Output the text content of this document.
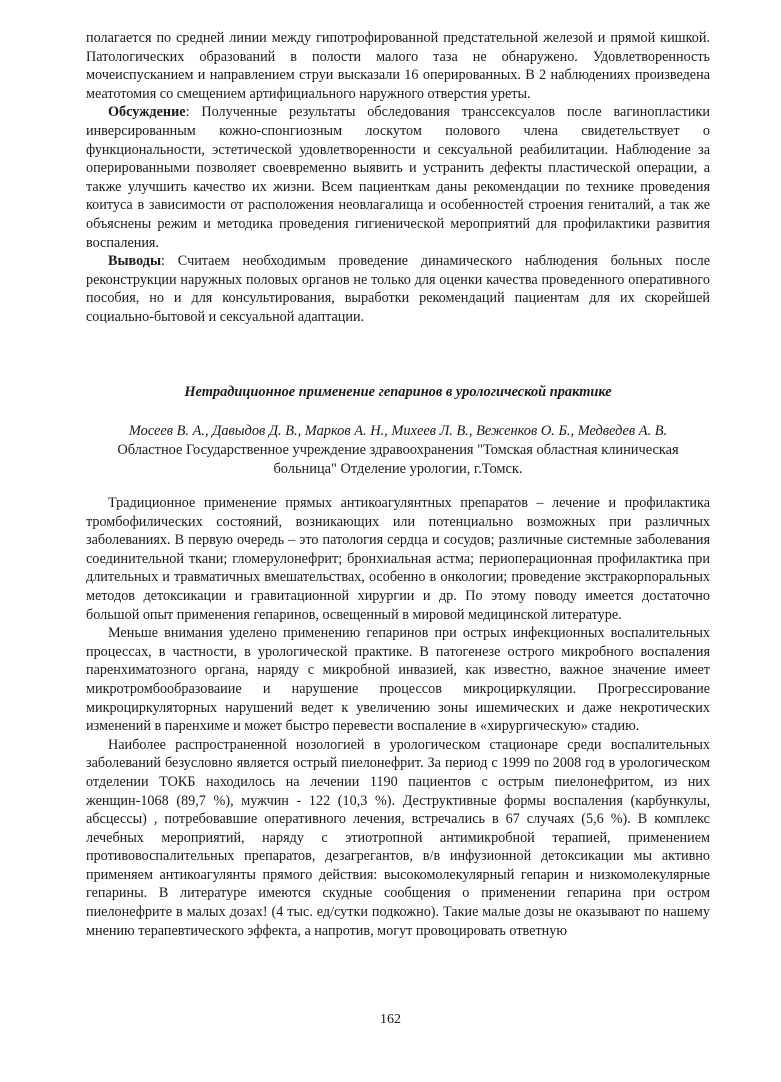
полагается по средней линии между гипотрофированной предстательной железой и прямой кишкой. Патологических образований в полости малого таза не обнаружено. Удовлетворенность мочеиспусканием и направлением струи высказали 16 оперированных. В 2 наблюдениях произведена меатотомия со смещением артифициального наружного отверстия уреты.

Обсуждение: Полученные результаты обследования транссексуалов после вагинопластики инверсированным кожно-спонгиозным лоскутом полового члена свидетельствует о функциональности, эстетической удовлетворенности и сексуальной реабилитации. Наблюдение за оперированными позволяет своевременно выявить и устранить дефекты пластической операции, а также улучшить качество их жизни. Всем пациенткам даны рекомендации по технике проведения коитуса в зависимости от расположения неовлагалища и особенностей строения гениталий, а так же объяснены режим и методика проведения гигиенической мероприятий для профилактики развития воспаления.

Выводы: Считаем необходимым проведение динамического наблюдения больных после реконструкции наружных половых органов не только для оценки качества проведенного оперативного пособия, но и для консультирования, выработки рекомендаций пациентам для их скорейшей социально-бытовой и сексуальной адаптации.

Нетрадиционное применение гепаринов в урологической практике
Мосеев В. А., Давыдов Д. В., Марков А. Н., Михеев Л. В., Веженков О. Б., Медведев А. В.
Областное Государственное учреждение здравоохранения "Томская областная клиническая больница" Отделение урологии, г.Томск.

Традиционное применение прямых антикоагулянтных препаратов – лечение и профилактика тромбофилических состояний, возникающих или потенциально возможных при различных заболеваниях. В первую очередь – это патология сердца и сосудов; различные системные заболевания соединительной ткани; гломерулонефрит; бронхиальная астма; периоперационная профилактика при длительных и травматичных вмешательствах, особенно в онкологии; проведение экстракорпоральных методов детоксикации и гравитационной хирургии и др. По этому поводу имеется достаточно большой опыт применения гепаринов, освещенный в мировой медицинской литературе.

Меньше внимания уделено применению гепаринов при острых инфекционных воспалительных процессах, в частности, в урологической практике. В патогенезе острого микробного воспаления паренхиматозного органа, наряду с микробной инвазией, как известно, важное значение имеет микротромбообразоваиие и нарушение процессов микроциркуляции. Прогрессирование микроциркуляторных нарушений ведет к увеличению зоны ишемических и даже некротических изменений в паренхиме и может быстро перевести воспаление в «хирургическую» стадию.

Наиболее распространенной нозологией в урологическом стационаре среди воспалительных заболеваний безусловно является острый пиелонефрит. За период с 1999 по 2008 год в урологическом отделении ТОКБ находилось на лечении 1190 пациентов с острым пиелонефритом, из них женщин-1068 (89,7 %), мужчин - 122 (10,3 %). Деструктивные формы воспаления (карбункулы, абсцессы) , потребовавшие оперативного лечения, встречались в 67 случаях (5,6 %). В комплекс лечебных мероприятий, наряду с этиотропной антимикробной терапией, применением противовоспалительных препаратов, дезагрегантов, в/в инфузионной детоксикации мы активно применяем антикоагулянты прямого действия: высокомолекулярный гепарин и низкомолекулярные гепарины. В литературе имеются скудные сообщения о применении гепарина при остром пиелонефрите в малых дозах! (4 тыс. ед/сутки подкожно). Такие малые дозы не оказывают по нашему мнению терапевтического эффекта, а напротив, могут провоцировать ответную

162
